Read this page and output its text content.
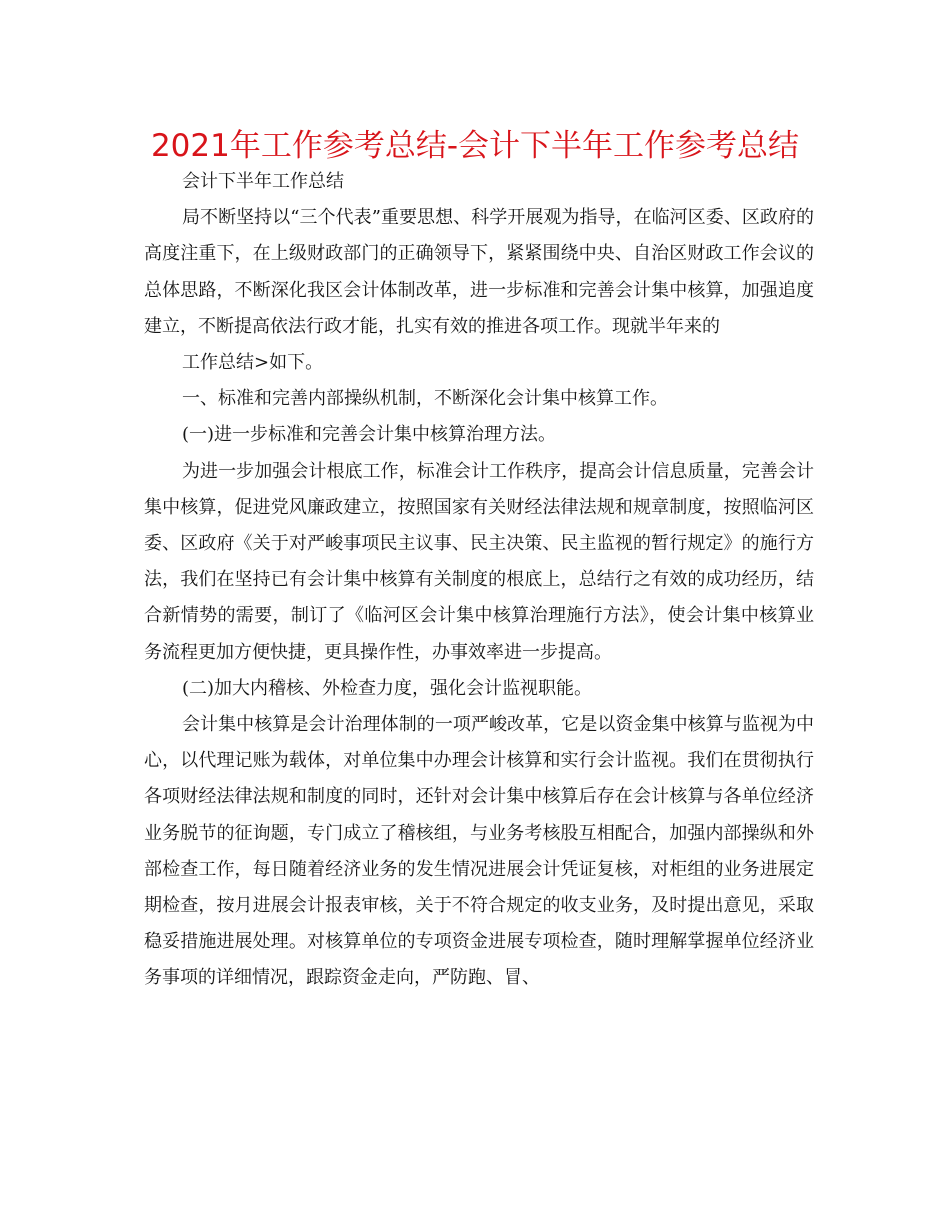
2021年工作参考总结-会计下半年工作参考总结

会计下半年工作总结

局不断坚持以“三个代表”重要思想、科学开展观为指导，在临河区委、区政府的高度注重下，在上级财政部门的正确领导下，紧紧围绕中央、自治区财政工作会议的总体思路，不断深化我区会计体制改革，进一步标准和完善会计集中核算，加强追度建立，不断提高依法行政才能，扎实有效的推进各项工作。现就半年来的

工作总结>如下。

一、标准和完善内部操纵机制，不断深化会计集中核算工作。

(一)进一步标准和完善会计集中核算治理方法。

为进一步加强会计根底工作，标准会计工作秩序，提高会计信息质量，完善会计集中核算，促进党风廉政建立，按照国家有关财经法律法规和规章制度，按照临河区委、区政府《关于对严峻事项民主议事、民主决策、民主监视的暂行规定》的施行方法，我们在坚持已有会计集中核算有关制度的根底上，总结行之有效的成功经历，结合新情势的需要，制订了《临河区会计集中核算治理施行方法》，使会计集中核算业务流程更加方便快捷，更具操作性，办事效率进一步提高。

(二)加大内稽核、外检查力度，强化会计监视职能。

会计集中核算是会计治理体制的一项严峻改革，它是以资金集中核算与监视为中心，以代理记账为载体，对单位集中办理会计核算和实行会计监视。我们在贯彻执行各项财经法律法规和制度的同时，还针对会计集中核算后存在会计核算与各单位经济业务脱节的征询题，专门成立了稽核组，与业务考核股互相配合，加强内部操纵和外部检查工作，每日随着经济业务的发生情况进展会计凭证复核，对柜组的业务进展定期检查，按月进展会计报表审核，关于不符合规定的收支业务，及时提出意见，采取稳妥措施进展处理。对核算单位的专项资金进展专项检查，随时理解掌握单位经济业务事项的详细情况，跟踪资金走向，严防跑、冒、
